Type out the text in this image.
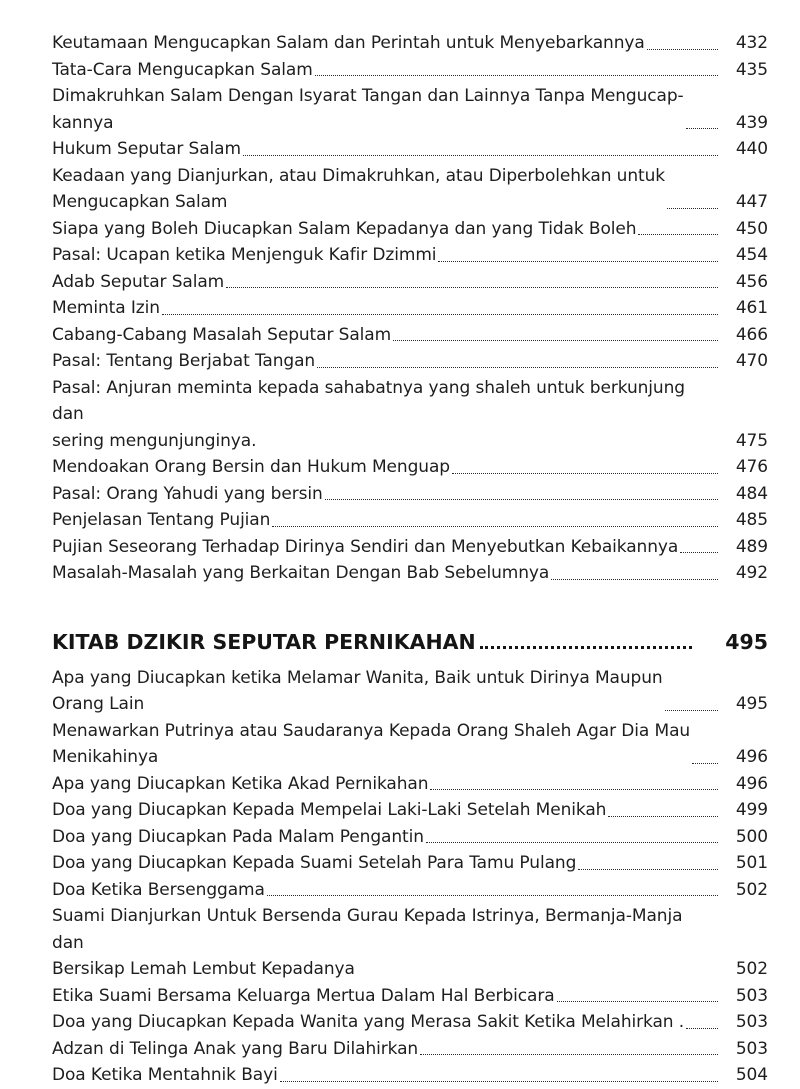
Keutamaan Mengucapkan Salam dan Perintah untuk Menyebarkannya	432
Tata-Cara Mengucapkan Salam	435
Dimakruhkan Salam Dengan Isyarat Tangan dan Lainnya Tanpa Mengucap-
kannya	439
Hukum Seputar Salam	440
Keadaan yang Dianjurkan, atau Dimakruhkan, atau Diperbolehkan untuk
Mengucapkan Salam	447
Siapa yang Boleh Diucapkan Salam Kepadanya dan yang Tidak Boleh	450
Pasal: Ucapan ketika Menjenguk Kafir Dzimmi	454
Adab Seputar Salam	456
Meminta Izin	461
Cabang-Cabang Masalah Seputar Salam	466
Pasal: Tentang Berjabat Tangan	470
Pasal: Anjuran meminta kepada sahabatnya yang shaleh untuk berkunjung dan
sering mengunjunginya.	475
Mendoakan Orang Bersin dan Hukum Menguap	476
Pasal: Orang Yahudi yang bersin	484
Penjelasan Tentang Pujian	485
Pujian Seseorang Terhadap Dirinya Sendiri dan Menyebutkan Kebaikannya	489
Masalah-Masalah yang Berkaitan Dengan Bab Sebelumnya	492
KITAB DZIKIR SEPUTAR PERNIKAHAN	495
Apa yang Diucapkan ketika Melamar Wanita, Baik untuk Dirinya Maupun
Orang Lain	495
Menawarkan Putrinya atau Saudaranya Kepada Orang Shaleh Agar Dia Mau
Menikahinya	496
Apa yang Diucapkan Ketika Akad Pernikahan	496
Doa yang Diucapkan Kepada Mempelai Laki-Laki Setelah Menikah	499
Doa yang Diucapkan Pada Malam Pengantin	500
Doa yang Diucapkan Kepada Suami Setelah Para Tamu Pulang	501
Doa Ketika Bersenggama	502
Suami Dianjurkan Untuk Bersenda Gurau Kepada Istrinya, Bermanja-Manja dan
Bersikap Lemah Lembut Kepadanya	502
Etika Suami Bersama Keluarga Mertua Dalam Hal Berbicara	503
Doa yang Diucapkan Kepada Wanita yang Merasa Sakit Ketika Melahirkan .	503
Adzan di Telinga Anak yang Baru Dilahirkan	503
Doa Ketika Mentahnik Bayi	504
